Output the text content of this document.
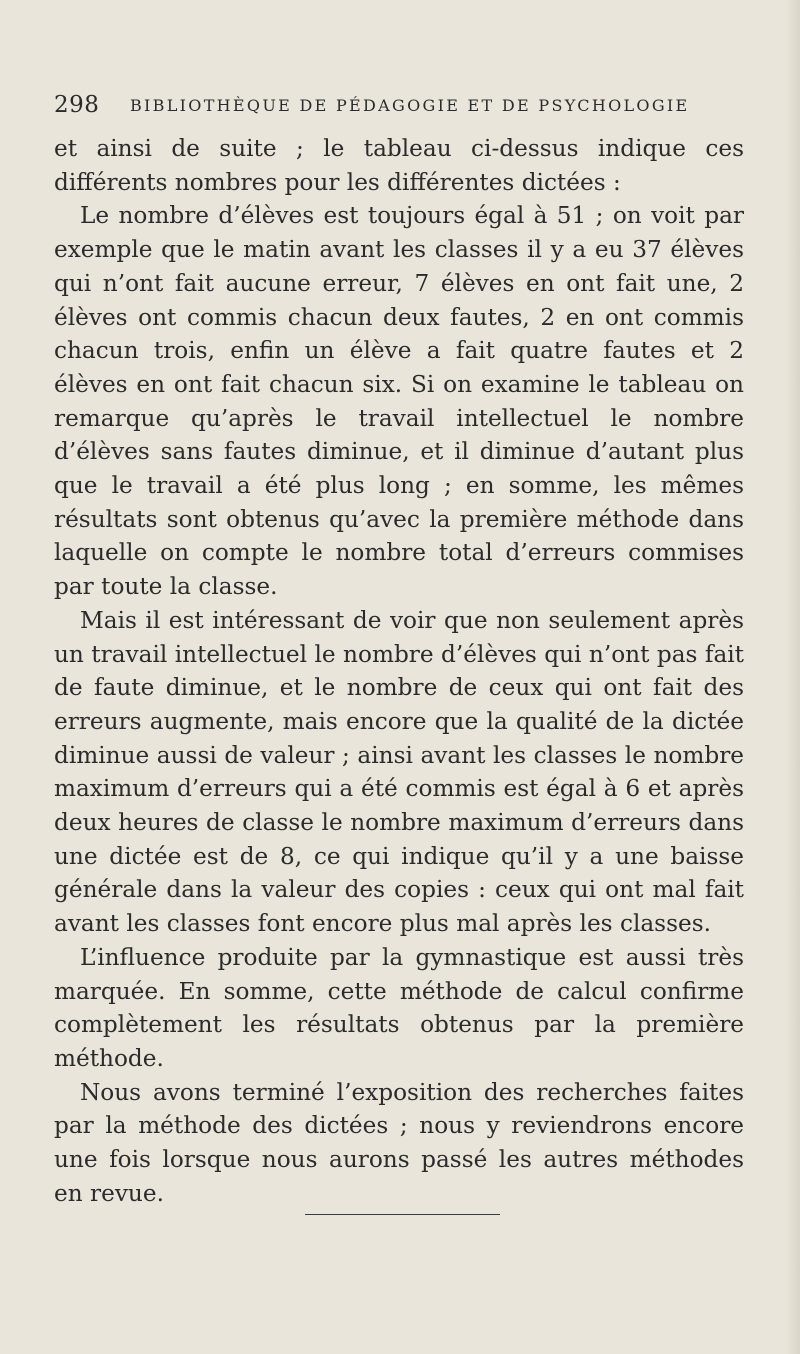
298 BIBLIOTHÈQUE DE PÉDAGOGIE ET DE PSYCHOLOGIE

et ainsi de suite ; le tableau ci-dessus indique ces différents nombres pour les différentes dictées :

Le nombre d’élèves est toujours égal à 51 ; on voit par exemple que le matin avant les classes il y a eu 37 élèves qui n’ont fait aucune erreur, 7 élèves en ont fait une, 2 élèves ont commis chacun deux fautes, 2 en ont commis chacun trois, enfin un élève a fait quatre fautes et 2 élèves en ont fait chacun six. Si on examine le tableau on remarque qu’après le travail intellectuel le nombre d’élèves sans fautes diminue, et il diminue d’autant plus que le travail a été plus long ; en somme, les mêmes résultats sont obtenus qu’avec la première méthode dans laquelle on compte le nombre total d’erreurs commises par toute la classe.

Mais il est intéressant de voir que non seulement après un travail intellectuel le nombre d’élèves qui n’ont pas fait de faute diminue, et le nombre de ceux qui ont fait des erreurs augmente, mais encore que la qualité de la dictée diminue aussi de valeur ; ainsi avant les classes le nombre maximum d’erreurs qui a été commis est égal à 6 et après deux heures de classe le nombre maximum d’erreurs dans une dictée est de 8, ce qui indique qu’il y a une baisse générale dans la valeur des copies : ceux qui ont mal fait avant les classes font encore plus mal après les classes.

L’influence produite par la gymnastique est aussi très marquée. En somme, cette méthode de calcul confirme complètement les résultats obtenus par la première méthode.

Nous avons terminé l’exposition des recherches faites par la méthode des dictées ; nous y reviendrons encore une fois lorsque nous aurons passé les autres méthodes en revue.
